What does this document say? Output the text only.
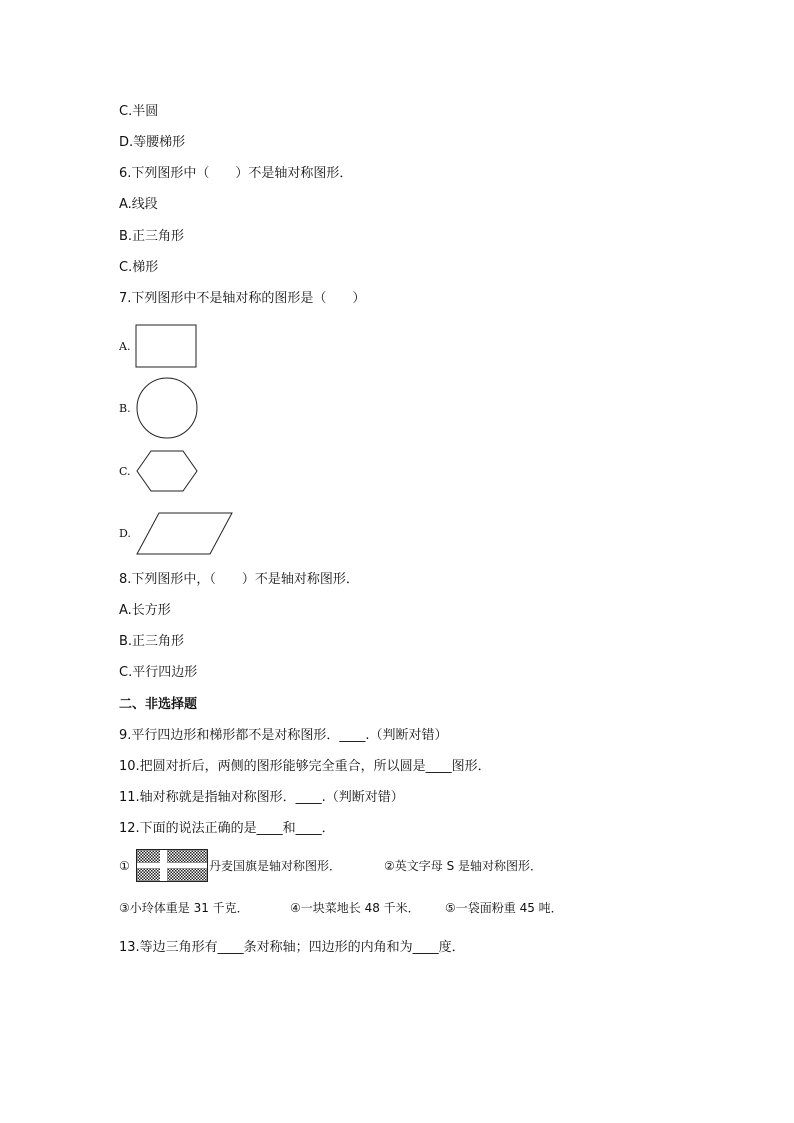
C.半圆
D.等腰梯形
6.下列图形中（　　）不是轴对称图形．
A.线段
B.正三角形
C.梯形
7.下列图形中不是轴对称的图形是（　　）
A.
B.
C.
D.
8.下列图形中，（　　）不是轴对称图形．
A.长方形
B.正三角形
C.平行四边形
二、非选择题
9.平行四边形和梯形都不是对称图形．____.（判断对错）
10.把圆对折后，两侧的图形能够完全重合，所以圆是____图形．
11.轴对称就是指轴对称图形．____.（判断对错）
12.下面的说法正确的是____和____．
①	丹麦国旗是轴对称图形．	②英文字母 S 是轴对称图形．
③小玲体重是 31 千克．	④一块菜地长 48 千米． ⑤一袋面粉重 45 吨．
13.等边三角形有____条对称轴；四边形的内角和为____度．
